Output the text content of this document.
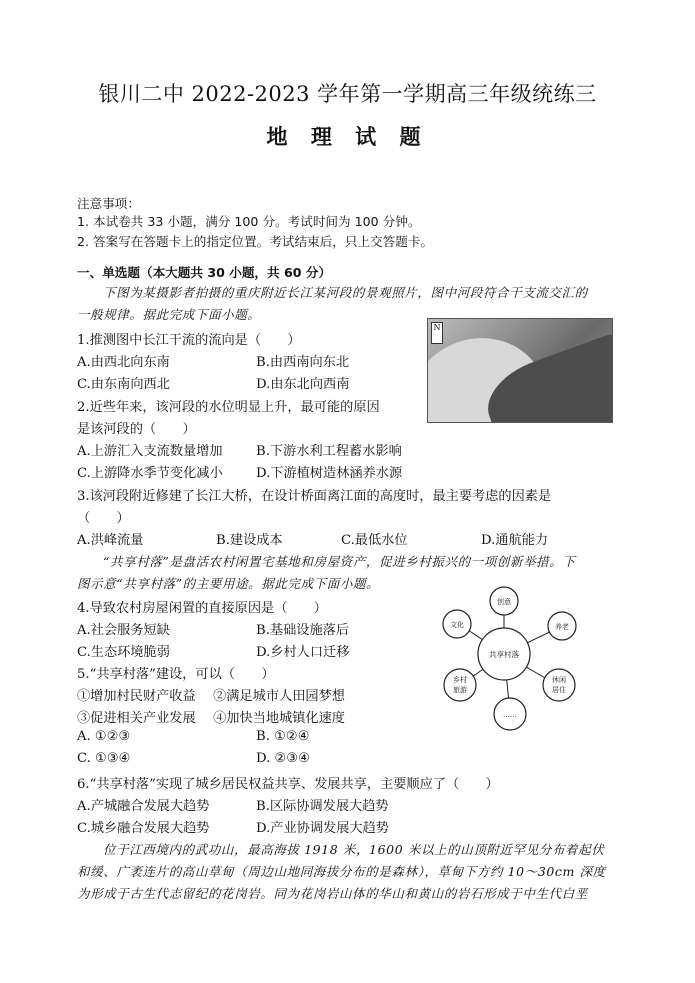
银川二中 2022-2023 学年第一学期高三年级统练三
地 理 试 题
注意事项：
1. 本试卷共 33 小题，满分 100 分。考试时间为 100 分钟。
2. 答案写在答题卡上的指定位置。考试结束后，只上交答题卡。
一、单选题（本大题共 30 小题，共 60 分）
下图为某摄影者拍摄的重庆附近长江某河段的景观照片，图中河段符合干支流交汇的
一般规律。据此完成下面小题。
N
1.推测图中长江干流的流向是（　　）
A.由西北向东南	B.由西南向东北
C.由东南向西北	D.由东北向西南
2.近些年来，该河段的水位明显上升，最可能的原因
是该河段的（　　）
A.上游汇入支流数量增加	B.下游水利工程蓄水影响
C.上游降水季节变化减小	D.下游植树造林涵养水源
3.该河段附近修建了长江大桥，在设计桥面离江面的高度时，最主要考虑的因素是
（　　）
A.洪峰流量	B.建设成本	C.最低水位	D.通航能力
“共享村落”是盘活农村闲置宅基地和房屋资产，促进乡村振兴的一项创新举措。下
图示意“共享村落”的主要用途。据此完成下面小题。
创意
文化	养老
共享村落
乡村
旅游
休闲
居住
……
4.导致农村房屋闲置的直接原因是（　　）
A.社会服务短缺	B.基础设施落后
C.生态环境脆弱	D.乡村人口迁移
5.“共享村落”建设，可以（　　）
①增加村民财产收益　 ②满足城市人田园梦想
③促进相关产业发展　 ④加快当地城镇化速度
A. ①②③	B. ①②④
C. ①③④	D. ②③④
6.“共享村落”实现了城乡居民权益共享、发展共享，主要顺应了（　　）
A.产城融合发展大趋势	B.区际协调发展大趋势
C.城乡融合发展大趋势	D.产业协调发展大趋势
位于江西境内的武功山，最高海拔 1918 米，1600 米以上的山顶附近罕见分布着起伏
和缓、广袤连片的高山草甸（周边山地同海拔分布的是森林），草甸下方约 10～30cm 深度
为形成于古生代志留纪的花岗岩。同为花岗岩山体的华山和黄山的岩石形成于中生代白垩
